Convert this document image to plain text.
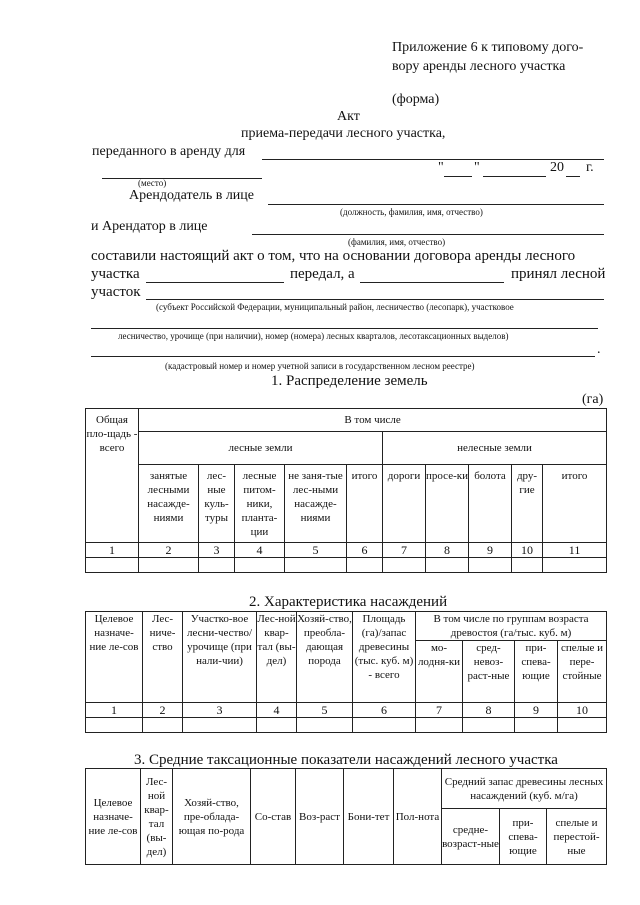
Приложение 6 к типовому дого-
вору аренды лесного участка
(форма)
Акт
приема-передачи лесного участка,
переданного в аренду для
" "	20 г.
(место)
Арендодатель в лице
(должность, фамилия, имя, отчество)
и Арендатор в лице
(фамилия, имя, отчество)
составили настоящий акт о том, что на основании договора аренды лесного
участка	передал, а	принял лесной
участок
(субъект Российской Федерации, муниципальный район, лесничество (лесопарк), участковое
лесничество, урочище (при наличии), номер (номера) лесных кварталов, лесотаксационных выделов)
.
(кадастровый номер и номер учетной записи в государственном лесном реестре)
1. Распределение земель
(га)
Общая пло-щадь - всего	В том числе									
	лесные земли					нелесные земли				
	занятые лесными насажде-ниями	лес-ные куль-туры	лесные питом-ники, планта-ции	не заня-тые лес-ными насажде-ниями	итого	дороги	просе-ки	болота	дру-гие	итого
1	2	3	4	5	6	7	8	9	10	11

2. Характеристика насаждений
Целевое назначе-ние ле-сов	Лес-ниче-ство	Участко-вое лесни-чество/ урочище (при нали-чии)	Лес-ной квар-тал (вы-дел)	Хозяй-ство, преобла-дающая порода	Площадь (га)/запас древесины (тыс. куб. м) - всего	В том числе по группам возраста древостоя (га/тыс. куб. м)			
						мо-лодня-ки	сред-невоз-раст-ные	при-спева-ющие	спелые и пере-стойные
1	2	3	4	5	6	7	8	9	10

3. Средние таксационные показатели насаждений лесного участка
Целевое назначе-ние ле-сов	Лес-ной квар-тал (вы-дел)	Хозяй-ство, пре-облада-ющая по-рода	Со-став	Воз-раст	Бони-тет	Пол-нота	Средний запас древесины лесных насаждений (куб. м/га)		
							средне-возраст-ные	при-спева-ющие	спелые и перестой-ные
